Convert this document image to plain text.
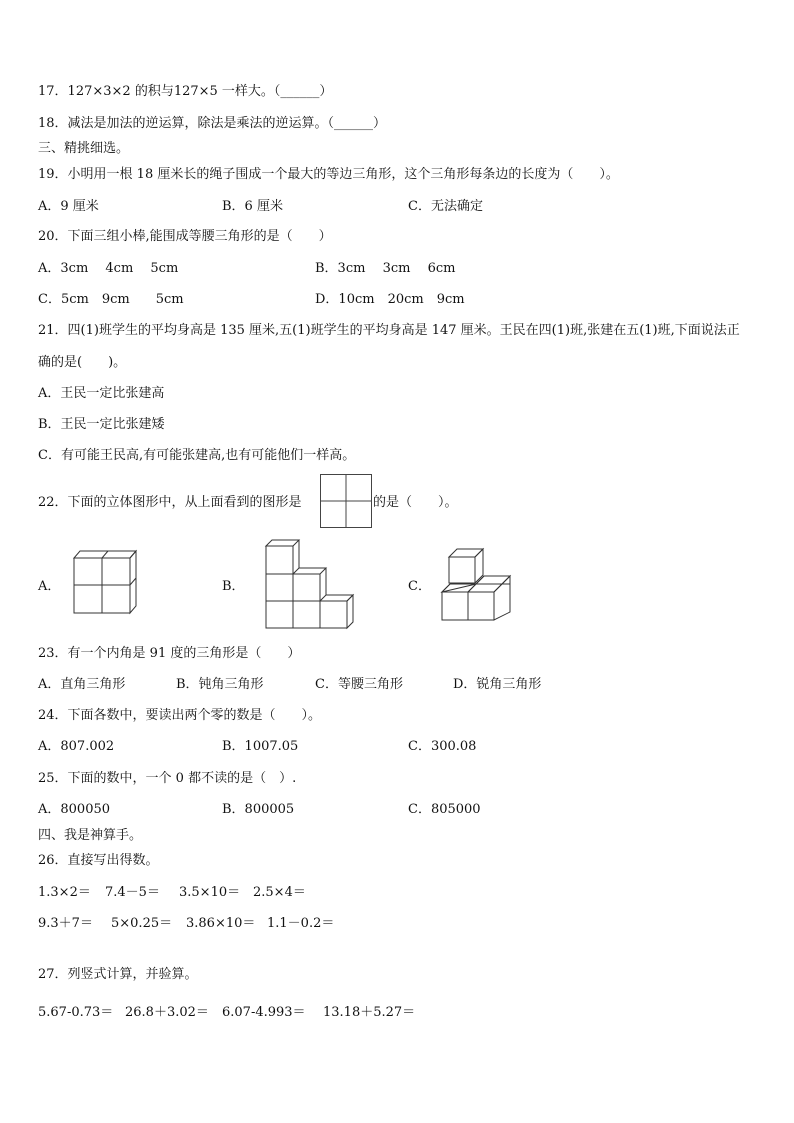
17．127×3×2 的积与127×5 一样大。（______）
18．减法是加法的逆运算，除法是乘法的逆运算。（______）
三、精挑细选。
19．小明用一根 18 厘米长的绳子围成一个最大的等边三角形，这个三角形每条边的长度为（　　）。
A．9 厘米	B．6 厘米	C．无法确定
20．下面三组小棒,能围成等腰三角形的是（　　）
A．3cm　 4cm　 5cm	B．3cm　 3cm　 6cm
C．5cm　9cm　　5cm	D．10cm　20cm　9cm
21．四(1)班学生的平均身高是 135 厘米,五(1)班学生的平均身高是 147 厘米。王民在四(1)班,张建在五(1)班,下面说法正
确的是(　　)。
A．王民一定比张建高
B．王民一定比张建矮
C．有可能王民高,有可能张建高,也有可能他们一样高。
22．下面的立体图形中，从上面看到的图形是	的是（　　）。
A．	B．	C．
23．有一个内角是 91 度的三角形是（　　）
A．直角三角形	B．钝角三角形	C．等腰三角形	D．锐角三角形
24．下面各数中，要读出两个零的数是（　　）。
A．807.002	B．1007.05	C．300.08
25．下面的数中，一个 0 都不读的是（　）.
A．800050	B．800005	C．805000
四、我是神算手。
26．直接写出得数。
1.3×2＝ 7.4－5＝ 3.5×10＝ 2.5×4＝
9.3＋7＝ 5×0.25＝ 3.86×10＝ 1.1－0.2＝
27．列竖式计算，并验算。
5.67-0.73＝ 26.8＋3.02＝ 6.07-4.993＝ 13.18＋5.27＝
